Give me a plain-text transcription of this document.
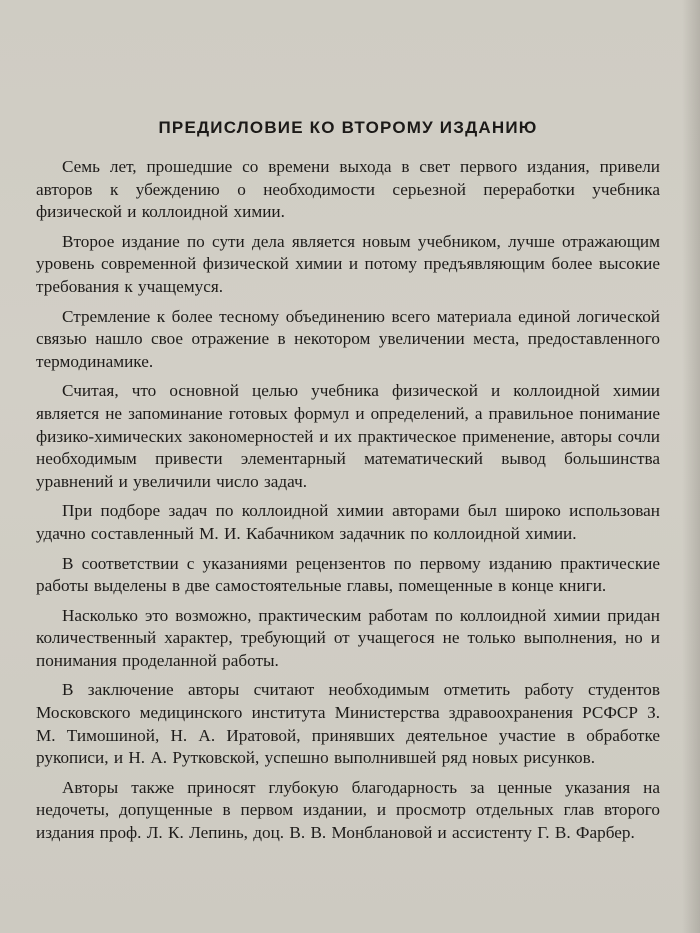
ПРЕДИСЛОВИЕ КО ВТОРОМУ ИЗДАНИЮ

Семь лет, прошедшие со времени выхода в свет первого издания, привели авторов к убеждению о необходимости серьезной переработки учебника физической и коллоидной химии.

Второе издание по сути дела является новым учебником, лучше отражающим уровень современной физической химии и потому предъявляющим более высокие требования к учащемуся.

Стремление к более тесному объединению всего материала единой логической связью нашло свое отражение в некотором увеличении места, предоставленного термодинамике.

Считая, что основной целью учебника физической и коллоидной химии является не запоминание готовых формул и определений, а правильное понимание физико-химических закономерностей и их практическое применение, авторы сочли необходимым привести элементарный математический вывод большинства уравнений и увеличили число задач.

При подборе задач по коллоидной химии авторами был широко использован удачно составленный М. И. Кабачником задачник по коллоидной химии.

В соответствии с указаниями рецензентов по первому изданию практические работы выделены в две самостоятельные главы, помещенные в конце книги.

Насколько это возможно, практическим работам по коллоидной химии придан количественный характер, требующий от учащегося не только выполнения, но и понимания проделанной работы.

В заключение авторы считают необходимым отметить работу студентов Московского медицинского института Министерства здравоохранения РСФСР З. М. Тимошиной, Н. А. Иратовой, принявших деятельное участие в обработке рукописи, и Н. А. Рутковской, успешно выполнившей ряд новых рисунков.

Авторы также приносят глубокую благодарность за ценные указания на недочеты, допущенные в первом издании, и просмотр отдельных глав второго издания проф. Л. К. Лепинь, доц. В. В. Монблановой и ассистенту Г. В. Фарбер.
